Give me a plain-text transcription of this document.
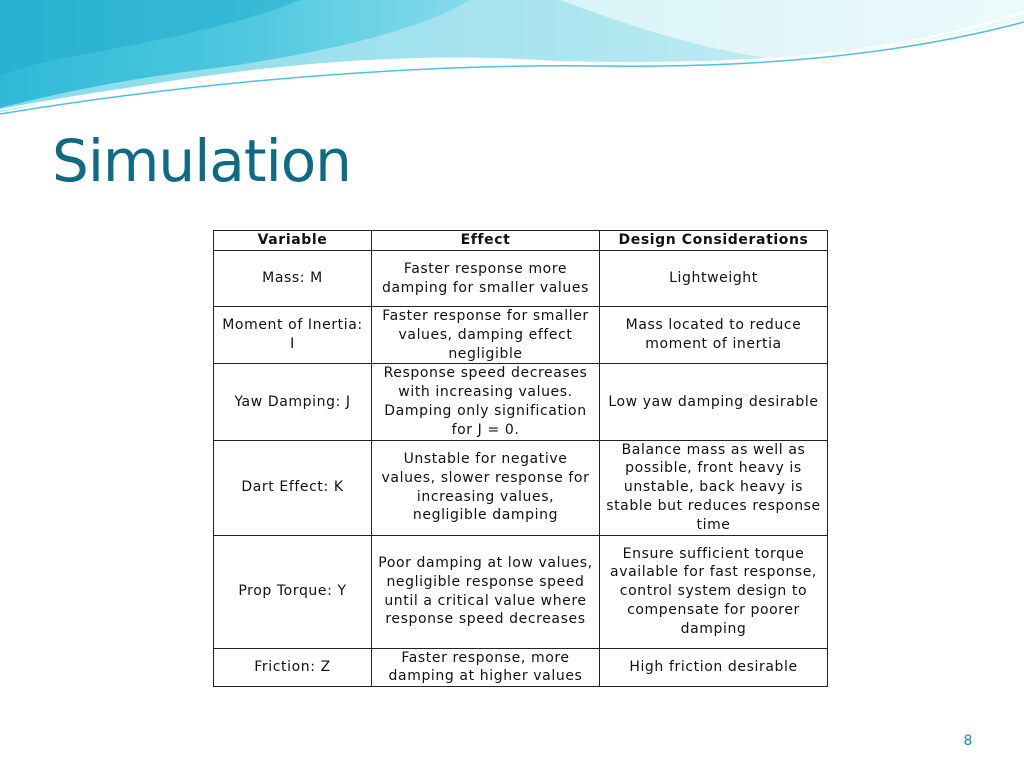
Simulation
Variable	Effect	Design Considerations
Mass: M	Faster response more damping for smaller values	Lightweight
Moment of Inertia: I	Faster response for smaller values, damping effect negligible	Mass located to reduce moment of inertia
Yaw Damping: J	Response speed decreases with increasing values. Damping only signification for J = 0.	Low yaw damping desirable
Dart Effect: K	Unstable for negative values, slower response for increasing values, negligible damping	Balance mass as well as possible, front heavy is unstable, back heavy is stable but reduces response time
Prop Torque: Y	Poor damping at low values, negligible response speed until a critical value where response speed decreases	Ensure sufficient torque available for fast response, control system design to compensate for poorer damping
Friction: Z	Faster response, more damping at higher values	High friction desirable
8
